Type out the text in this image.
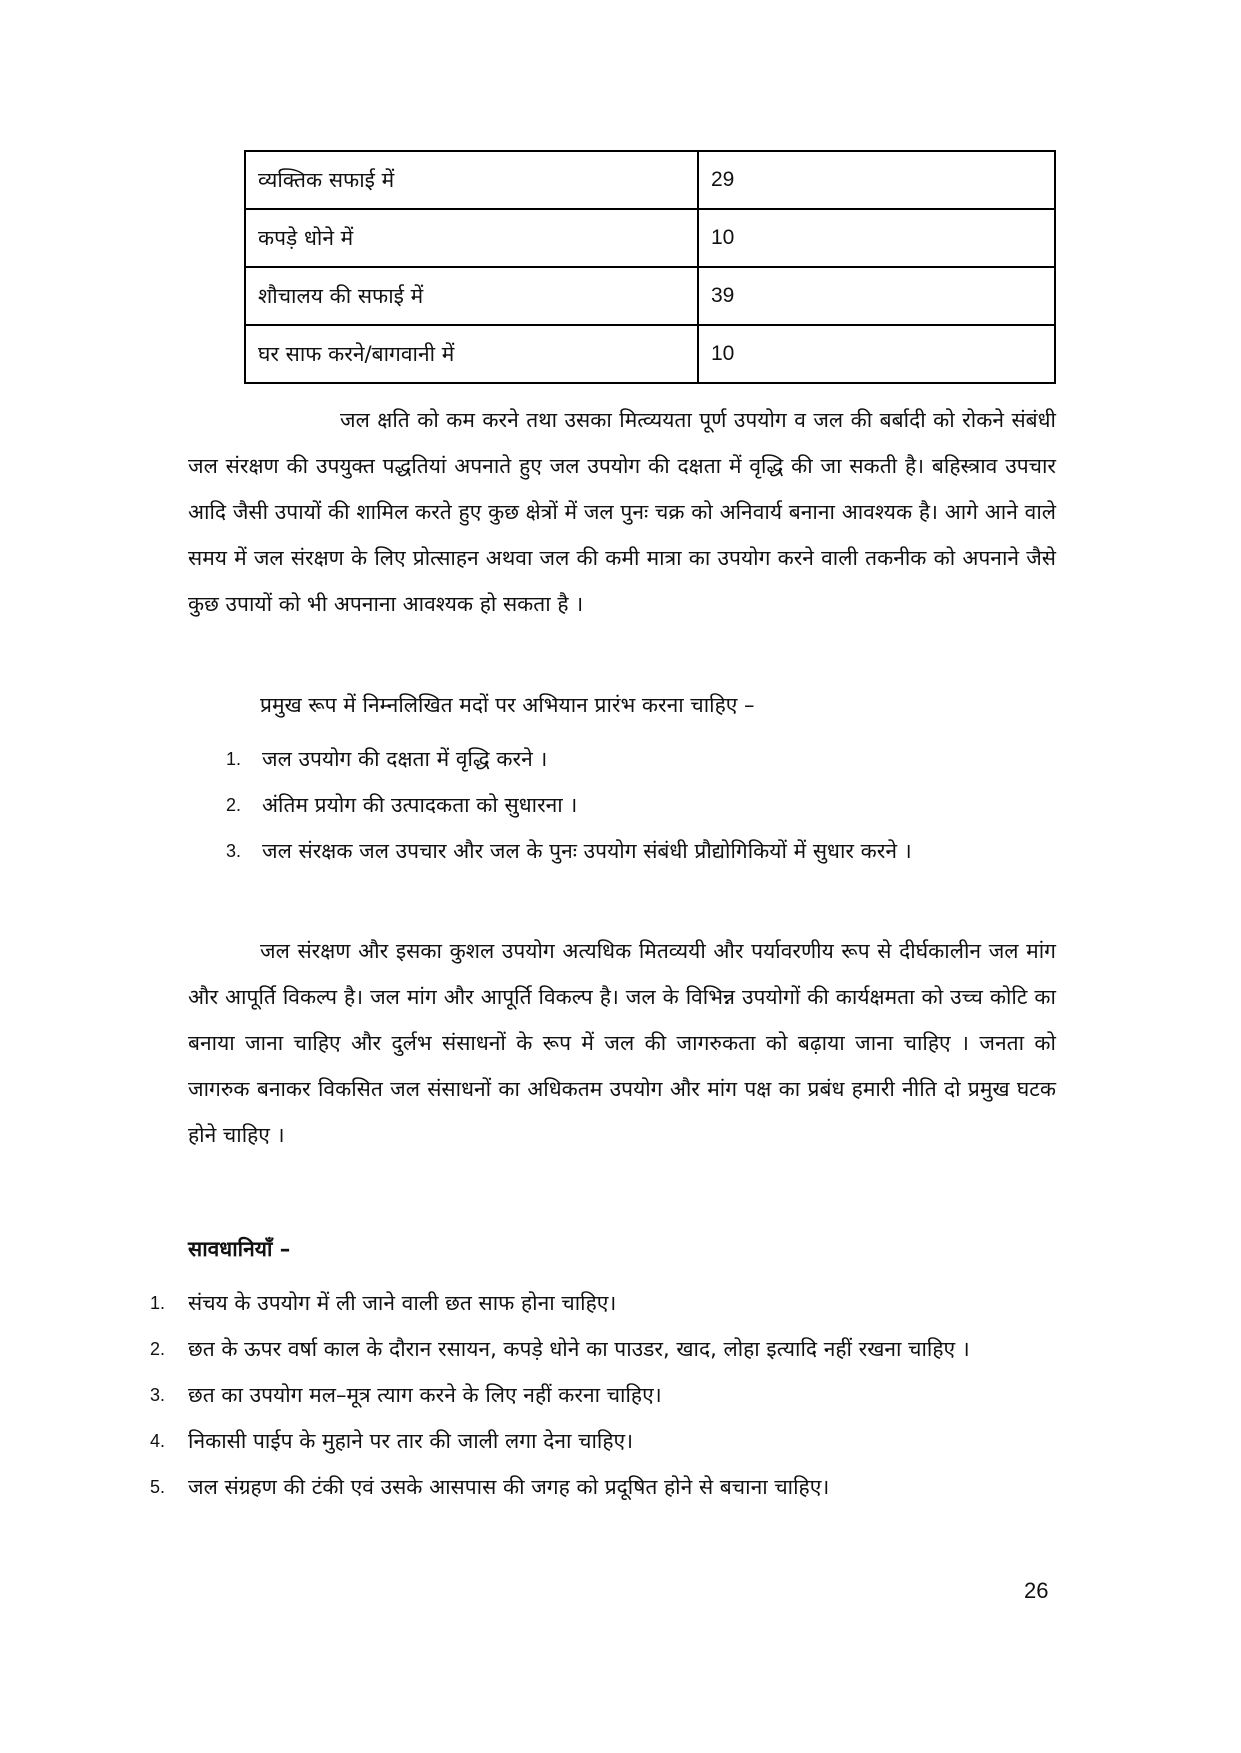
व्यक्तिक सफाई में	29
कपड़े धोने में	10
शौचालय की सफाई में	39
घर साफ करने/बागवानी में	10

जल क्षति को कम करने तथा उसका मित्व्ययता पूर्ण उपयोग व जल की बर्बादी को रोकने संबंधी जल संरक्षण की उपयुक्त पद्धतियां अपनाते हुए जल उपयोग की दक्षता में वृद्धि की जा सकती है। बहिस्त्राव उपचार आदि जैसी उपायों की शामिल करते हुए कुछ क्षेत्रों में जल पुनः चक्र को अनिवार्य बनाना आवश्यक है। आगे आने वाले समय में जल संरक्षण के लिए प्रोत्साहन अथवा जल की कमी मात्रा का उपयोग करने वाली तकनीक को अपनाने जैसे कुछ उपायों को भी अपनाना आवश्यक हो सकता है ।

प्रमुख रूप में निम्नलिखित मदों पर अभियान प्रारंभ करना चाहिए –

1. जल उपयोग की दक्षता में वृद्धि करने ।
2. अंतिम प्रयोग की उत्पादकता को सुधारना ।
3. जल संरक्षक जल उपचार और जल के पुनः उपयोग संबंधी प्रौद्योगिकियों में सुधार करने ।

जल संरक्षण और इसका कुशल उपयोग अत्यधिक मितव्ययी और पर्यावरणीय रूप से दीर्घकालीन जल मांग और आपूर्ति विकल्प है। जल मांग और आपूर्ति विकल्प है। जल के विभिन्न उपयोगों की कार्यक्षमता को उच्च कोटि का बनाया जाना चाहिए और दुर्लभ संसाधनों के रूप में जल की जागरुकता को बढ़ाया जाना चाहिए । जनता को जागरुक बनाकर विकसित जल संसाधनों का अधिकतम उपयोग और मांग पक्ष का प्रबंध हमारी नीति दो प्रमुख घटक होने चाहिए ।

सावधानियाँ –

1. संचय के उपयोग में ली जाने वाली छत साफ होना चाहिए।
2. छत के ऊपर वर्षा काल के दौरान रसायन, कपड़े धोने का पाउडर, खाद, लोहा इत्यादि नहीं रखना चाहिए ।
3. छत का उपयोग मल–मूत्र त्याग करने के लिए नहीं करना चाहिए।
4. निकासी पाईप के मुहाने पर तार की जाली लगा देना चाहिए।
5. जल संग्रहण की टंकी एवं उसके आसपास की जगह को प्रदूषित होने से बचाना चाहिए।
26
